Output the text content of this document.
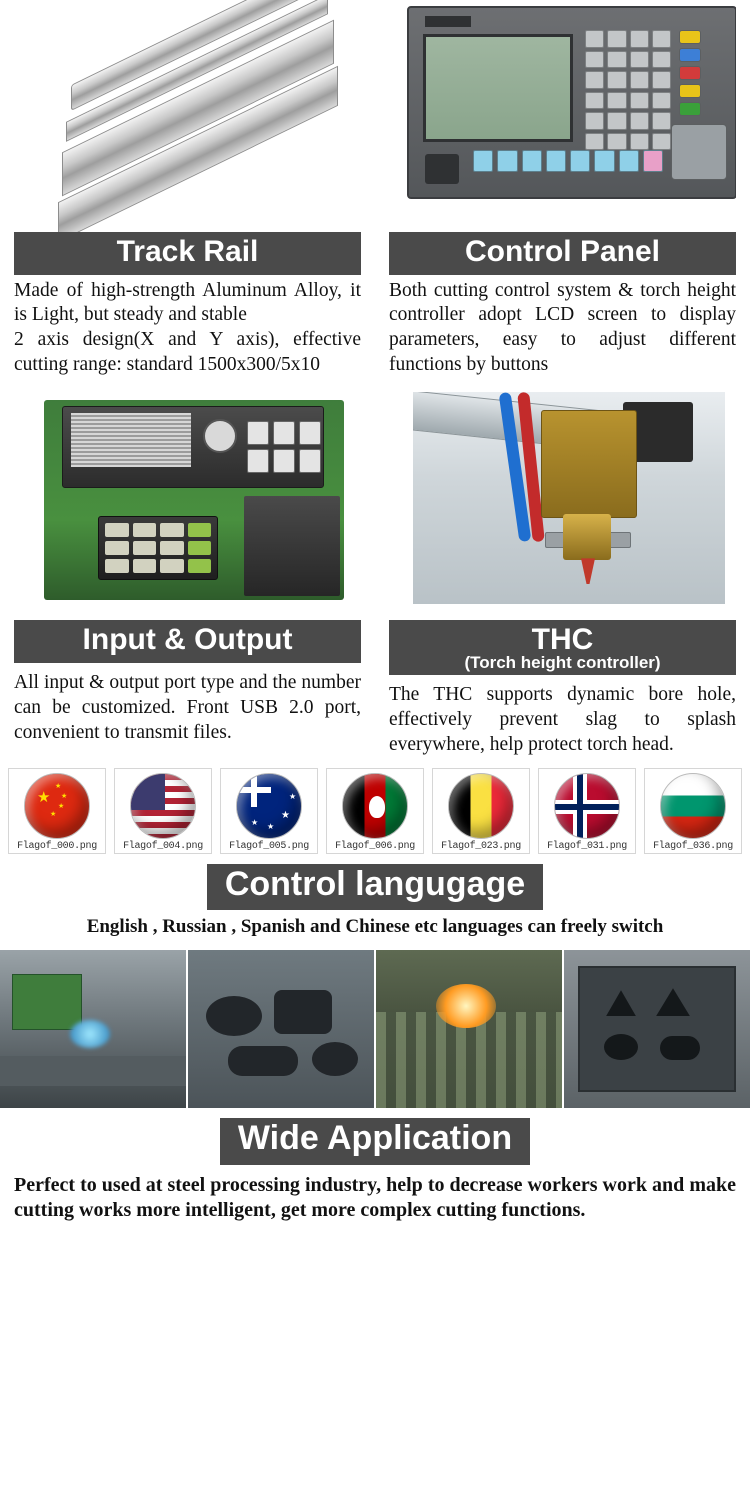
Track Rail
Made of high-strength Aluminum Alloy, it is Light, but steady and stable
2 axis design(X and Y axis), effective cutting range: standard 1500x300/5x10
Control Panel
Both cutting control system & torch height controller adopt LCD screen to display parameters, easy to adjust different functions by buttons
Input & Output
All input & output port type and the number can be customized. Front USB 2.0 port, convenient to transmit files.
THC
(Torch height controller)
The THC supports dynamic bore hole, effectively prevent slag to splash everywhere, help protect torch head.
★
★
★
★
★
Flagof_000.png	Flagof_004.png
★
★
★
★
Flagof_005.png	Flagof_006.png	Flagof_023.png	Flagof_031.png	Flagof_036.png
Control langugage
English , Russian , Spanish and Chinese etc languages can freely switch
Wide Application
Perfect to used at steel processing industry, help to decrease workers work and make cutting works more intelligent, get more complex cutting functions.
